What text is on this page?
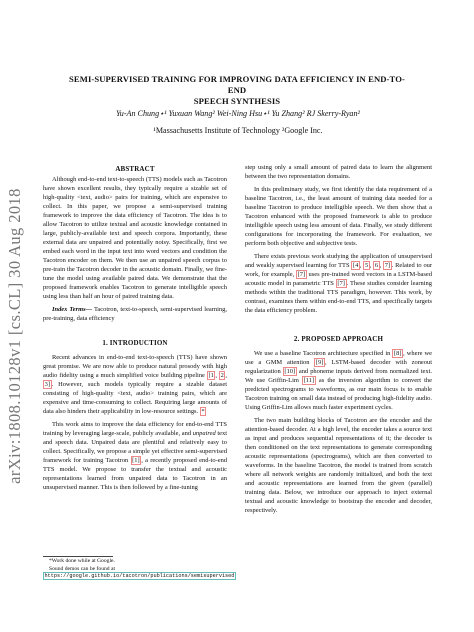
arXiv:1808.10128v1 [cs.CL] 30 Aug 2018
SEMI-SUPERVISED TRAINING FOR IMPROVING DATA EFFICIENCY IN END-TO-END
SPEECH SYNTHESIS
Yu-An Chung⋆¹ Yuxuan Wang² Wei-Ning Hsu⋆¹ Yu Zhang² RJ Skerry-Ryan²
¹Massachusetts Institute of Technology ²Google Inc.
ABSTRACT

Although end-to-end text-to-speech (TTS) models such as Tacotron have shown excellent results, they typically require a sizable set of high-quality <text, audio> pairs for training, which are expensive to collect. In this paper, we propose a semi-supervised training framework to improve the data efficiency of Tacotron. The idea is to allow Tacotron to utilize textual and acoustic knowledge contained in large, publicly-available text and speech corpora. Importantly, these external data are unpaired and potentially noisy. Specifically, first we embed each word in the input text into word vectors and condition the Tacotron encoder on them. We then use an unpaired speech corpus to pre-train the Tacotron decoder in the acoustic domain. Finally, we fine-tune the model using available paired data. We demonstrate that the proposed framework enables Tacotron to generate intelligible speech using less than half an hour of paired training data.

Index Terms— Tacotron, text-to-speech, semi-supervised learning, pre-training, data efficiency

1. INTRODUCTION

Recent advances in end-to-end text-to-speech (TTS) have shown great promise. We are now able to produce natural prosody with high audio fidelity using a much simplified voice building pipeline [1 , 2 , 3] . However, such models typically require a sizable dataset consisting of high-quality <text, audio> training pairs, which are expensive and time-consuming to collect. Requiring large amounts of data also hinders their applicability in low-resource settings. *

This work aims to improve the data efficiency for end-to-end TTS training by leveraging large-scale, publicly available, and unpaired text and speech data. Unpaired data are plentiful and relatively easy to collect. Specifically, we propose a simple yet effective semi-supervised framework for training Tacotron [1] , a recently proposed end-to-end TTS model. We propose to transfer the textual and acoustic representations learned from unpaired data to Tacotron in an unsupervised manner. This is then followed by a fine-tuning

*Work done while at Google.
Sound demos can be found at https://google.github.io/tacotron/publications/semisupervised

step using only a small amount of paired data to learn the alignment between the two representation domains.

In this preliminary study, we first identify the data requirement of a baseline Tacotron, i.e., the least amount of training data needed for a baseline Tacotron to produce intelligible speech. We then show that a Tacotron enhanced with the proposed framework is able to produce intelligible speech using less amount of data. Finally, we study different configurations for incorporating the framework. For evaluation, we perform both objective and subjective tests.

There exists previous work studying the application of unsupervised and weakly supervised learning for TTS [4 , 5 , 6 , 7] . Related to our work, for example, [7] uses pre-trained word vectors in a LSTM-based acoustic model in parametric TTS [7] . These studies consider learning methods within the traditional TTS paradigm, however. This work, by contrast, examines them within end-to-end TTS, and specifically targets the data efficiency problem.

2. PROPOSED APPROACH

We use a baseline Tacotron architecture specified in [8] , where we use a GMM attention [9] , LSTM-based decoder with zoneout regularization [10] and phoneme inputs derived from normalized text. We use Griffin-Lim [11] as the inversion algorithm to convert the predicted spectrograms to waveforms, as our main focus is to enable Tacotron training on small data instead of producing high-fidelity audio. Using Griffin-Lim allows much faster experiment cycles.

The two main building blocks of Tacotron are the encoder and the attention-based decoder. At a high level, the encoder takes a source text as input and produces sequential representations of it; the decoder is then conditioned on the text representations to generate corresponding acoustic representations (spectrograms), which are then converted to waveforms. In the baseline Tacotron, the model is trained from scratch where all network weights are randomly initialized, and both the text and acoustic representations are learned from the given (parallel) training data. Below, we introduce our approach to inject external textual and acoustic knowledge to bootstrap the encoder and decoder, respectively.
